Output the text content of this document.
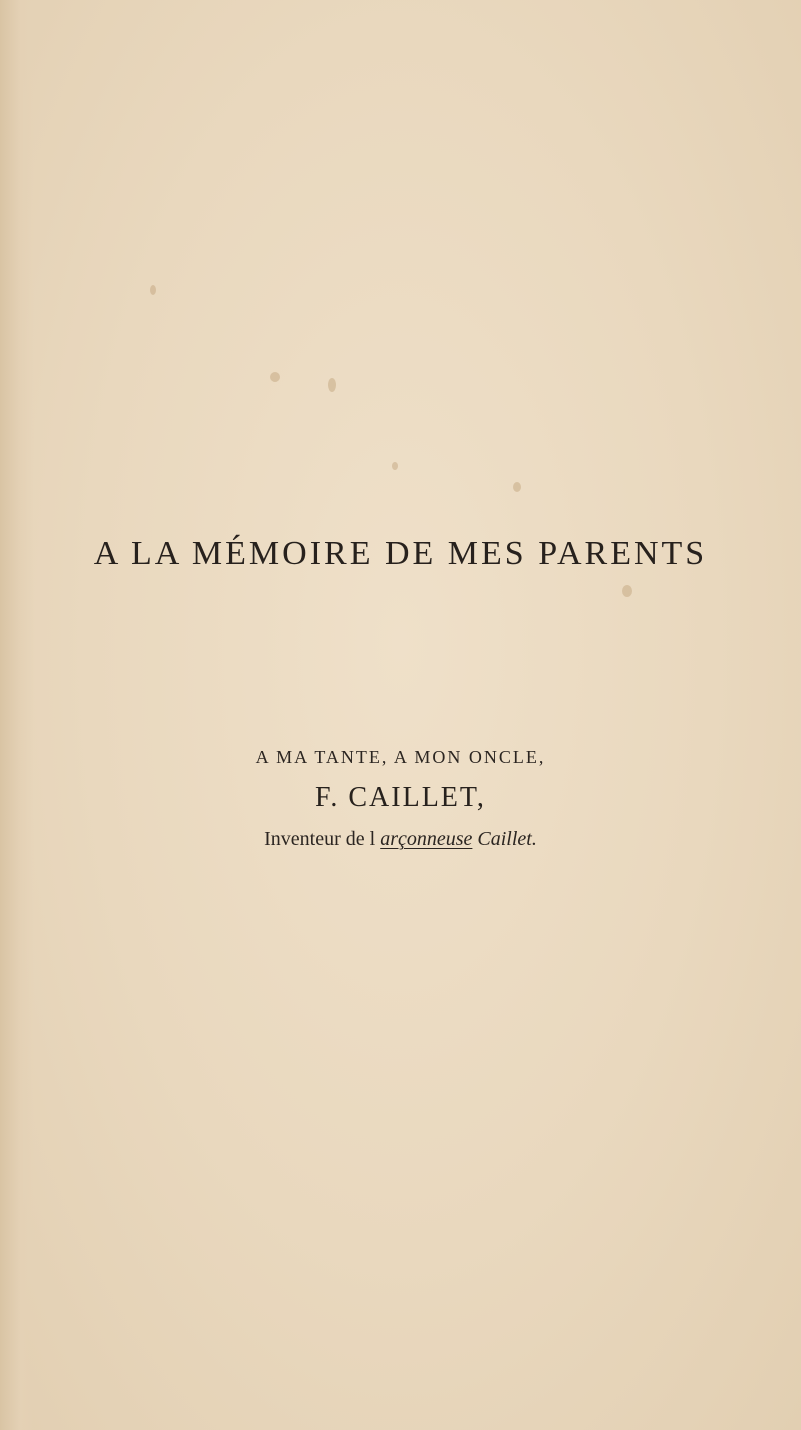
A LA MÉMOIRE DE MES PARENTS
A MA TANTE, A MON ONCLE,
F. CAILLET,
Inventeur de l arçonneuse Caillet.
